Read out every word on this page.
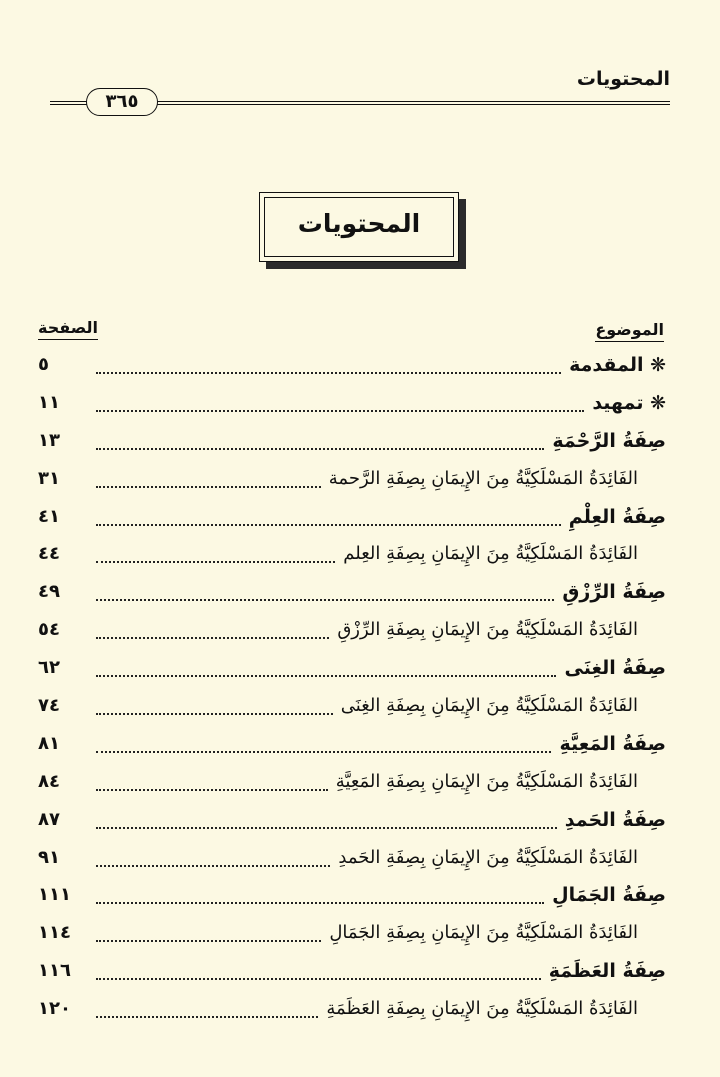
المحتويات
٣٦٥
المحتويات
الموضوع
الصفحة
❋ المقدمة
٥
❋ تمهيد
١١
صِفَةُ الرَّحْمَةِ
١٣
الفَائِدَةُ المَسْلَكِيَّةُ مِنَ الإِيمَانِ بِصِفَةِ الرَّحمة
٣١
صِفَةُ العِلْمِ
٤١
الفَائِدَةُ المَسْلَكِيَّةُ مِنَ الإِيمَانِ بِصِفَةِ العِلم
٤٤
صِفَةُ الرِّزْقِ
٤٩
الفَائِدَةُ المَسْلَكِيَّةُ مِنَ الإِيمَانِ بِصِفَةِ الرِّزْقِ
٥٤
صِفَةُ الغِنَى
٦٢
الفَائِدَةُ المَسْلَكِيَّةُ مِنَ الإِيمَانِ بِصِفَةِ الغِنَى
٧٤
صِفَةُ المَعِيَّةِ
٨١
الفَائِدَةُ المَسْلَكِيَّةُ مِنَ الإِيمَانِ بِصِفَةِ المَعِيَّةِ
٨٤
صِفَةُ الحَمدِ
٨٧
الفَائِدَةُ المَسْلَكِيَّةُ مِنَ الإِيمَانِ بِصِفَةِ الحَمدِ
٩١
صِفَةُ الجَمَالِ
١١١
الفَائِدَةُ المَسْلَكِيَّةُ مِنَ الإِيمَانِ بِصِفَةِ الجَمَالِ
١١٤
صِفَةُ العَظَمَةِ
١١٦
الفَائِدَةُ المَسْلَكِيَّةُ مِنَ الإِيمَانِ بِصِفَةِ العَظَمَةِ
١٢٠
